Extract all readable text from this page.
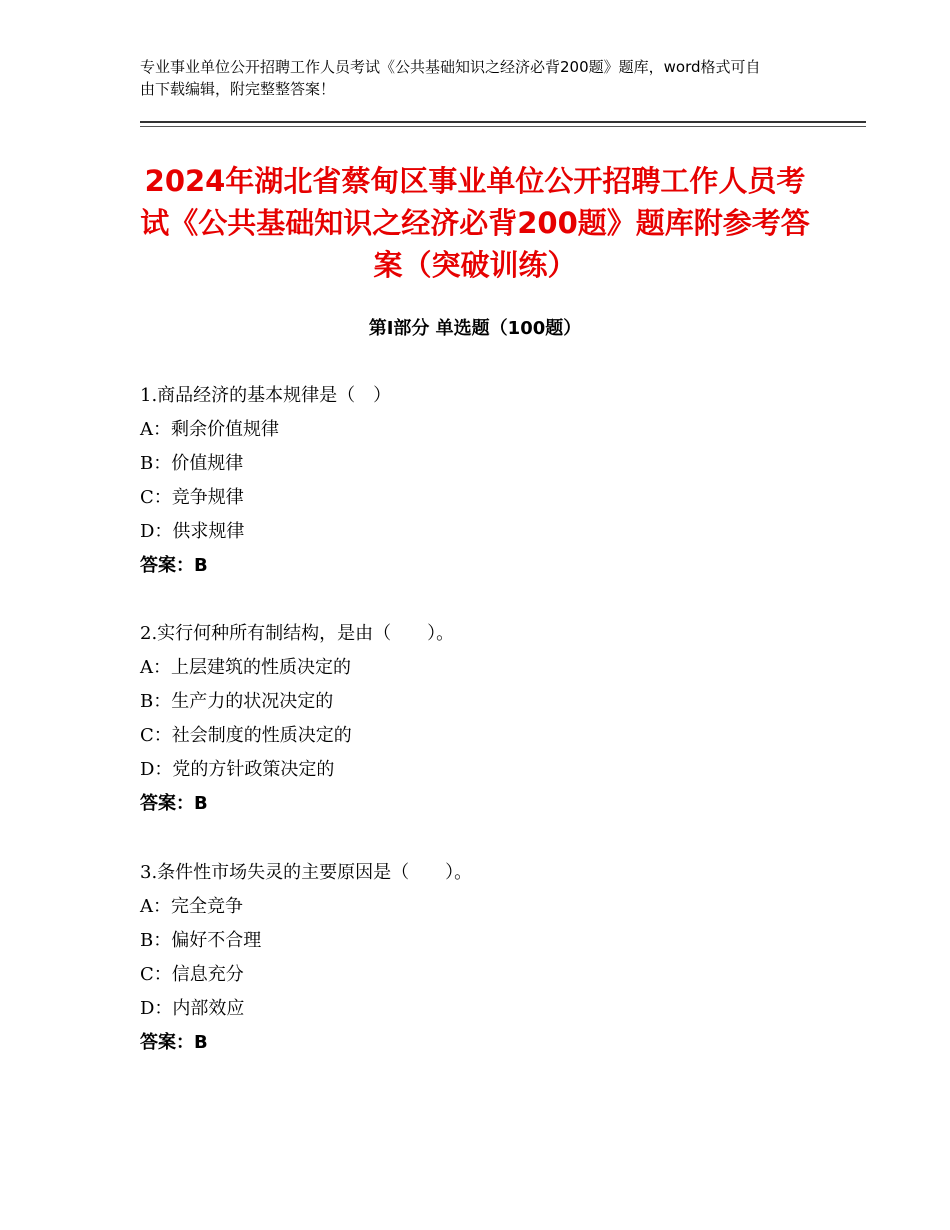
专业事业单位公开招聘工作人员考试《公共基础知识之经济必背200题》题库，word格式可自由下载编辑，附完整整答案！
2024年湖北省蔡甸区事业单位公开招聘工作人员考试《公共基础知识之经济必背200题》题库附参考答案（突破训练）
第Ⅰ部分 单选题（100题）
1.商品经济的基本规律是（　）
A：剩余价值规律
B：价值规律
C：竞争规律
D：供求规律
答案：B
2.实行何种所有制结构，是由（　　）。
A：上层建筑的性质决定的
B：生产力的状况决定的
C：社会制度的性质决定的
D：党的方针政策决定的
答案：B
3.条件性市场失灵的主要原因是（　　）。
A：完全竞争
B：偏好不合理
C：信息充分
D：内部效应
答案：B
